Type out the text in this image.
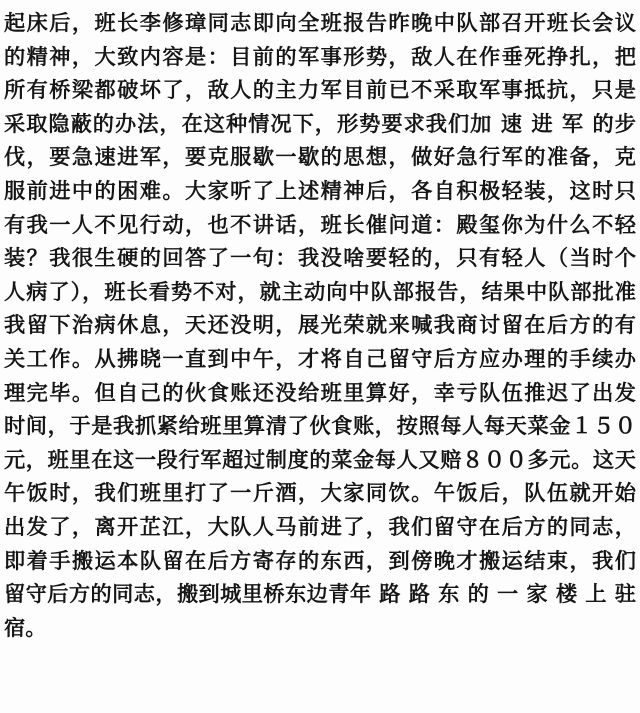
起床后，班长李修璋同志即向全班报告昨晚中队部召开班长会议
的精神，大致内容是：目前的军事形势，敌人在作垂死挣扎，把
所有桥梁都破坏了，敌人的主力军目前已不采取军事抵抗，只是
采取隐蔽的办法，在这种情况下，形势要求我们加 速 进 军 的步
伐，要急速进军，要克服歇一歇的思想，做好急行军的准备，克
服前进中的困难。大家听了上述精神后，各自积极轻装，这时只
有我一人不见行动，也不讲话，班长催问道：殿玺你为什么不轻
装？我很生硬的回答了一句：我没啥要轻的，只有轻人（当时个
人病了），班长看势不对，就主动向中队部报告，结果中队部批准
我留下治病休息，天还没明，展光荣就来喊我商讨留在后方的有
关工作。从拂晓一直到中午，才将自己留守后方应办理的手续办
理完毕。但自己的伙食账还没给班里算好，幸亏队伍推迟了出发
时间，于是我抓紧给班里算清了伙食账，按照每人每天菜金１５０
元，班里在这一段行军超过制度的菜金每人又赔８００多元。这天
午饭时，我们班里打了一斤酒，大家同饮。午饭后，队伍就开始
出发了，离开芷江，大队人马前进了，我们留守在后方的同志，
即着手搬运本队留在后方寄存的东西，到傍晚才搬运结束，我们
留守后方的同志，搬到城里桥东边青年 路 路 东 的 一 家 楼 上 驻
宿。
